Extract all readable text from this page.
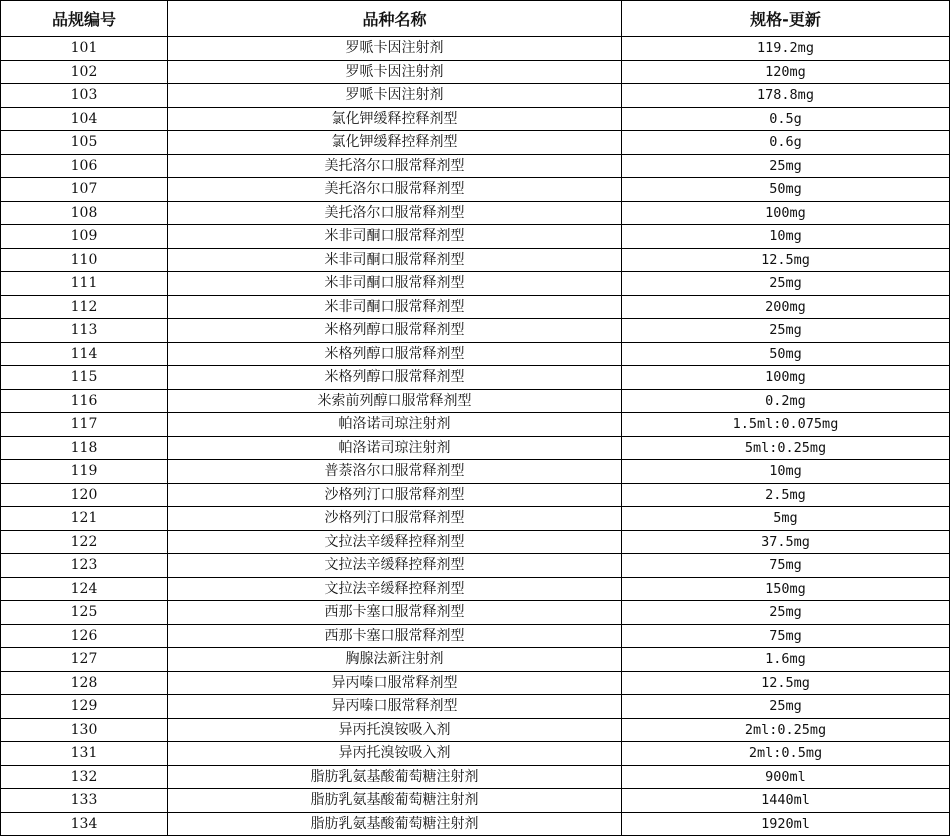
品规编号	品种名称	规格-更新
101	罗哌卡因注射剂	119.2mg
102	罗哌卡因注射剂	120mg
103	罗哌卡因注射剂	178.8mg
104	氯化钾缓释控释剂型	0.5g
105	氯化钾缓释控释剂型	0.6g
106	美托洛尔口服常释剂型	25mg
107	美托洛尔口服常释剂型	50mg
108	美托洛尔口服常释剂型	100mg
109	米非司酮口服常释剂型	10mg
110	米非司酮口服常释剂型	12.5mg
111	米非司酮口服常释剂型	25mg
112	米非司酮口服常释剂型	200mg
113	米格列醇口服常释剂型	25mg
114	米格列醇口服常释剂型	50mg
115	米格列醇口服常释剂型	100mg
116	米索前列醇口服常释剂型	0.2mg
117	帕洛诺司琼注射剂	1.5ml:0.075mg
118	帕洛诺司琼注射剂	5ml:0.25mg
119	普萘洛尔口服常释剂型	10mg
120	沙格列汀口服常释剂型	2.5mg
121	沙格列汀口服常释剂型	5mg
122	文拉法辛缓释控释剂型	37.5mg
123	文拉法辛缓释控释剂型	75mg
124	文拉法辛缓释控释剂型	150mg
125	西那卡塞口服常释剂型	25mg
126	西那卡塞口服常释剂型	75mg
127	胸腺法新注射剂	1.6mg
128	异丙嗪口服常释剂型	12.5mg
129	异丙嗪口服常释剂型	25mg
130	异丙托溴铵吸入剂	2ml:0.25mg
131	异丙托溴铵吸入剂	2ml:0.5mg
132	脂肪乳氨基酸葡萄糖注射剂	900ml
133	脂肪乳氨基酸葡萄糖注射剂	1440ml
134	脂肪乳氨基酸葡萄糖注射剂	1920ml
